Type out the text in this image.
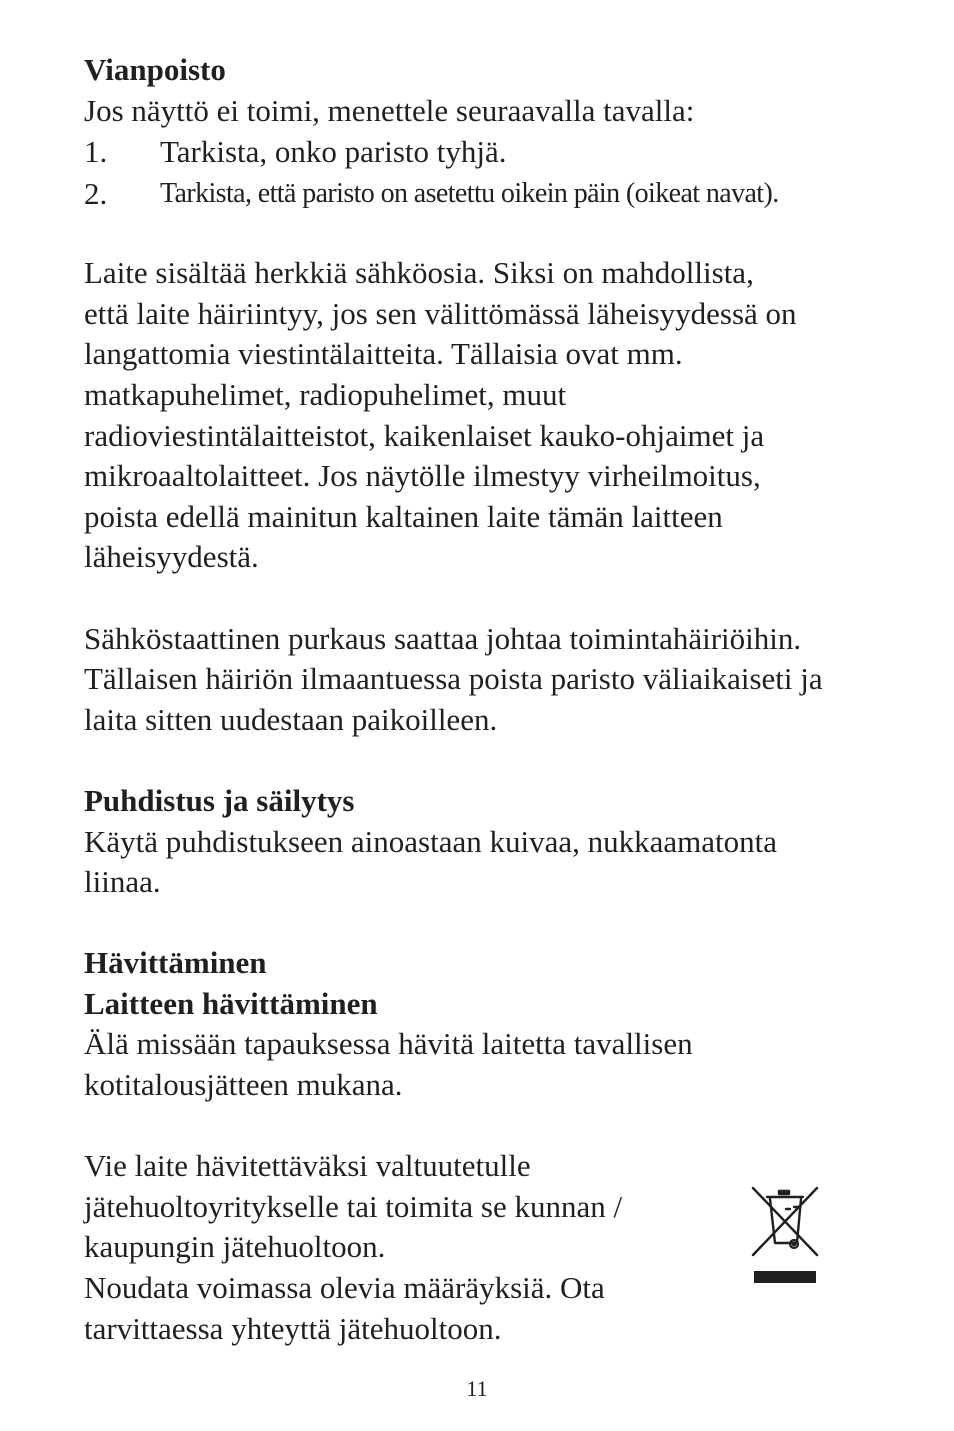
Vianpoisto
Jos näyttö ei toimi, menettele seuraavalla tavalla:
1.	Tarkista, onko paristo tyhjä.
2.	Tarkista, että paristo on asetettu oikein päin (oikeat navat).
Laite sisältää herkkiä sähköosia. Siksi on mahdollista,
että laite häiriintyy, jos sen välittömässä läheisyydessä on
langattomia viestintälaitteita. Tällaisia ovat mm.
matkapuhelimet, radiopuhelimet, muut
radioviestintälaitteistot, kaikenlaiset kauko-ohjaimet ja
mikroaaltolaitteet. Jos näytölle ilmestyy virheilmoitus,
poista edellä mainitun kaltainen laite tämän laitteen
läheisyydestä.
Sähköstaattinen purkaus saattaa johtaa toimintahäiriöihin.
Tällaisen häiriön ilmaantuessa poista paristo väliaikaiseti ja
laita sitten uudestaan paikoilleen.
Puhdistus ja säilytys
Käytä puhdistukseen ainoastaan kuivaa, nukkaamatonta
liinaa.
Hävittäminen
Laitteen hävittäminen
Älä missään tapauksessa hävitä laitetta tavallisen
kotitalousjätteen mukana.
Vie laite hävitettäväksi valtuutetulle
jätehuoltoyritykselle tai toimita se kunnan /
kaupungin jätehuoltoon.
Noudata voimassa olevia määräyksiä. Ota
tarvittaessa yhteyttä jätehuoltoon.
11
